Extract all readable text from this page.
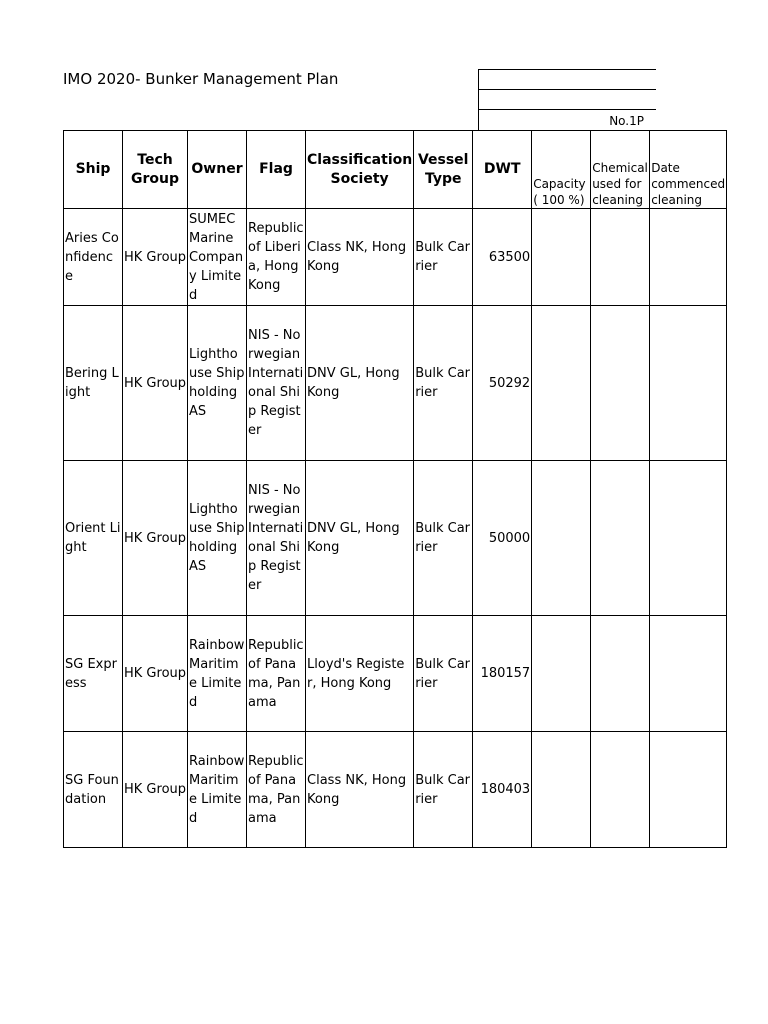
IMO 2020- Bunker Management Plan
No.1P
Ship	Tech Group	Owner	Flag	Classification Society	Vessel Type	DWT	Capacity ( 100 %)	Chemical used for cleaning	Date commenced cleaning
Aries Confidence	HK Group	SUMEC Marine Company Limited	Republic of Liberia, Hong Kong	Class NK, Hong Kong	Bulk Carrier	63500			
Bering Light	HK Group	Lighthouse Shipholding AS	NIS - Norwegian International Ship Register	DNV GL, Hong Kong	Bulk Carrier	50292			
Orient Light	HK Group	Lighthouse Shipholding AS	NIS - Norwegian International Ship Register	DNV GL, Hong Kong	Bulk Carrier	50000			
SG Express	HK Group	Rainbow Maritime Limited	Republic of Panama, Panama	Lloyd's Register, Hong Kong	Bulk Carrier	180157			
SG Foundation	HK Group	Rainbow Maritime Limited	Republic of Panama, Panama	Class NK, Hong Kong	Bulk Carrier	180403			
